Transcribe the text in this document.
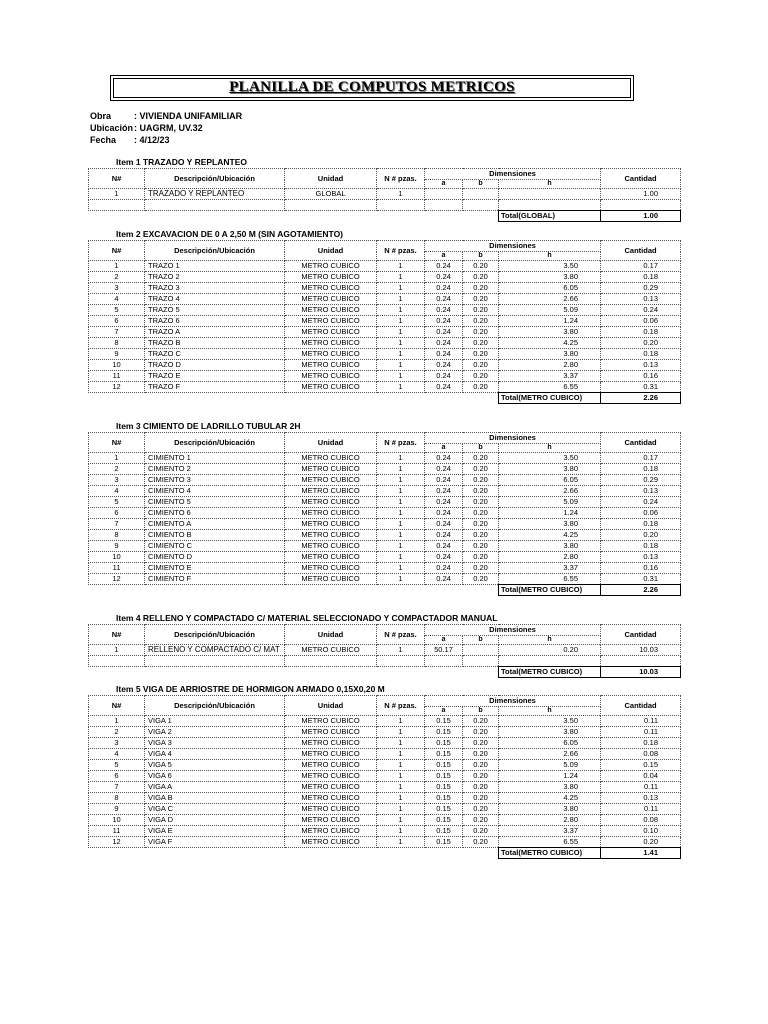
PLANILLA DE COMPUTOS METRICOS
Obra	: VIVIENDA UNIFAMILIAR
Ubicación: UAGRM, UV.32
Fecha : 4/12/23
Item 1 TRAZADO Y REPLANTEO
N#	Descripción/Ubicación	Unidad	N # pzas.	Dimensiones			Cantidad
				a	b	h	
1	TRAZADO Y REPLANTEO	GLOBAL	1				1.00

						Total(GLOBAL)	1.00
Item 2 EXCAVACION DE 0 A 2,50 M (SIN AGOTAMIENTO)
N#	Descripción/Ubicación	Unidad	N # pzas.	Dimensiones			Cantidad
				a	b	h	
1	TRAZO 1	METRO CUBICO	1	0.24	0.20	3.50	0.17
2	TRAZO 2	METRO CUBICO	1	0.24	0.20	3.80	0.18
3	TRAZO 3	METRO CUBICO	1	0.24	0.20	6.05	0.29
4	TRAZO 4	METRO CUBICO	1	0.24	0.20	2.66	0.13
5	TRAZO 5	METRO CUBICO	1	0.24	0.20	5.09	0.24
6	TRAZO 6	METRO CUBICO	1	0.24	0.20	1.24	0.06
7	TRAZO A	METRO CUBICO	1	0.24	0.20	3.80	0.18
8	TRAZO B	METRO CUBICO	1	0.24	0.20	4.25	0.20
9	TRAZO C	METRO CUBICO	1	0.24	0.20	3.80	0.18
10	TRAZO D	METRO CUBICO	1	0.24	0.20	2.80	0.13
11	TRAZO E	METRO CUBICO	1	0.24	0.20	3.37	0.16
12	TRAZO F	METRO CUBICO	1	0.24	0.20	6.55	0.31
						Total(METRO CUBICO)	2.26
Item 3 CIMIENTO DE LADRILLO TUBULAR 2H
N#	Descripción/Ubicación	Unidad	N # pzas.	Dimensiones			Cantidad
				a	b	h	
1	CIMIENTO 1	METRO CUBICO	1	0.24	0.20	3.50	0.17
2	CIMIENTO 2	METRO CUBICO	1	0.24	0.20	3.80	0.18
3	CIMIENTO 3	METRO CUBICO	1	0.24	0.20	6.05	0.29
4	CIMIENTO 4	METRO CUBICO	1	0.24	0.20	2.66	0.13
5	CIMIENTO 5	METRO CUBICO	1	0.24	0.20	5.09	0.24
6	CIMIENTO 6	METRO CUBICO	1	0.24	0.20	1.24	0.06
7	CIMIENTO A	METRO CUBICO	1	0.24	0.20	3.80	0.18
8	CIMIENTO B	METRO CUBICO	1	0.24	0.20	4.25	0.20
9	CIMIENTO C	METRO CUBICO	1	0.24	0.20	3.80	0.18
10	CIMIENTO D	METRO CUBICO	1	0.24	0.20	2.80	0.13
11	CIMIENTO E	METRO CUBICO	1	0.24	0.20	3.37	0.16
12	CIMIENTO F	METRO CUBICO	1	0.24	0.20	6.55	0.31
						Total(METRO CUBICO)	2.26
Item 4 RELLENO Y COMPACTADO C/ MATERIAL SELECCIONADO Y COMPACTADOR MANUAL
N#	Descripción/Ubicación	Unidad	N # pzas.	Dimensiones			Cantidad
				a	b	h	
1	RELLENO Y COMPACTADO C/ MAT	METRO CUBICO	1	50.17		0.20	10.03

						Total(METRO CUBICO)	10.03
Item 5 VIGA DE ARRIOSTRE DE HORMIGON ARMADO 0,15X0,20 M
N#	Descripción/Ubicación	Unidad	N # pzas.	Dimensiones			Cantidad
				a	b	h	
1	VIGA 1	METRO CUBICO	1	0.15	0.20	3.50	0.11
2	VIGA 2	METRO CUBICO	1	0.15	0.20	3.80	0.11
3	VIGA 3	METRO CUBICO	1	0.15	0.20	6.05	0.18
4	VIGA 4	METRO CUBICO	1	0.15	0.20	2.66	0.08
5	VIGA 5	METRO CUBICO	1	0.15	0.20	5.09	0.15
6	VIGA 6	METRO CUBICO	1	0.15	0.20	1.24	0.04
7	VIGA A	METRO CUBICO	1	0.15	0.20	3.80	0.11
8	VIGA B	METRO CUBICO	1	0.15	0.20	4.25	0.13
9	VIGA C	METRO CUBICO	1	0.15	0.20	3.80	0.11
10	VIGA D	METRO CUBICO	1	0.15	0.20	2.80	0.08
11	VIGA E	METRO CUBICO	1	0.15	0.20	3.37	0.10
12	VIGA F	METRO CUBICO	1	0.15	0.20	6.55	0.20
						Total(METRO CUBICO)	1.41
